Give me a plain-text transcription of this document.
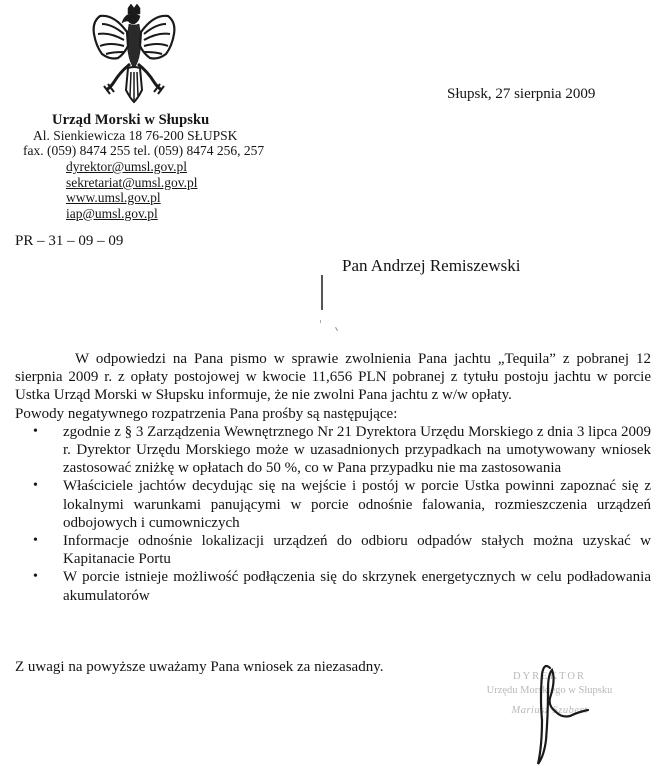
Urząd Morski w Słupsku
Al. Sienkiewicza 18 76-200 SŁUPSK
fax. (059) 8474 255 tel. (059) 8474 256, 257
dyrektor@umsl.gov.pl
sekretariat@umsl.gov.pl
www.umsl.gov.pl
iap@umsl.gov.pl
Słupsk, 27 sierpnia 2009
PR – 31 – 09 – 09
Pan Andrzej Remiszewski

W odpowiedzi na Pana pismo w sprawie zwolnienia Pana jachtu „Tequila” z pobranej 12 sierpnia 2009 r. z opłaty postojowej w kwocie 11,656 PLN pobranej z tytułu postoju jachtu w porcie Ustka Urząd Morski w Słupsku informuje, że nie zwolni Pana jachtu z w/w opłaty.

Powody negatywnego rozpatrzenia Pana prośby są następujące:

• zgodnie z § 3 Zarządzenia Wewnętrznego Nr 21 Dyrektora Urzędu Morskiego z dnia 3 lipca 2009 r. Dyrektor Urzędu Morskiego może w uzasadnionych przypadkach na umotywowany wniosek zastosować zniżkę w opłatach do 50 %, co w Pana przypadku nie ma zastosowania
• Właściciele jachtów decydując się na wejście i postój w porcie Ustka powinni zapoznać się z lokalnymi warunkami panującymi w porcie odnośnie falowania, rozmieszczenia urządzeń odbojowych i cumowniczych
• Informacje odnośnie lokalizacji urządzeń do odbioru odpadów stałych można uzyskać w Kapitanacie Portu
• W porcie istnieje możliwość podłączenia się do skrzynek energetycznych w celu podładowania akumulatorów
Z uwagi na powyższe uważamy Pana wniosek za niezasadny.
DYREKTOR
Urzędu Morskiego w Słupsku
Mariusz Szubert
